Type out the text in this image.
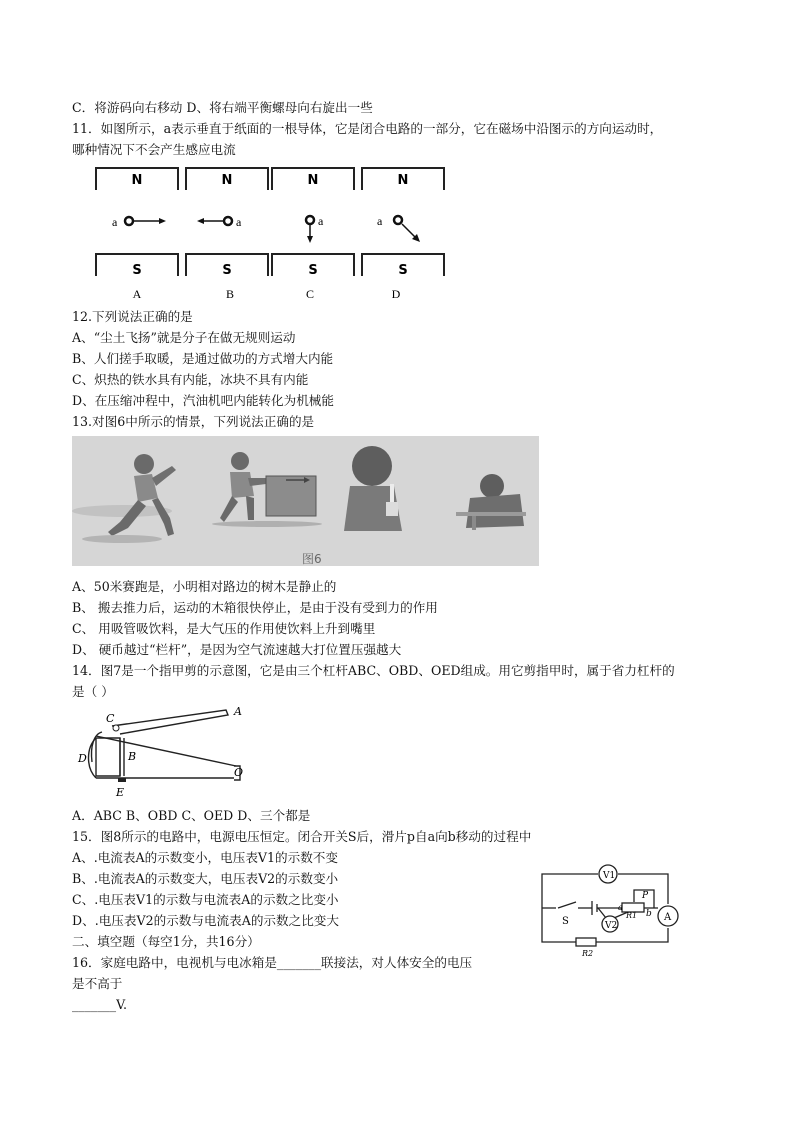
C．将游码向右移动 D、将右端平衡螺母向右旋出一些
11．如图所示，a表示垂直于纸面的一根导体，它是闭合电路的一部分，它在磁场中沿图示的方向运动时，
哪种情况下不会产生感应电流
N	N	N	N
S	S	S	S
a	a	a	a
A	B	C	D
12.下列说法正确的是
A、“尘土飞扬”就是分子在做无规则运动
B、人们搓手取暖，是通过做功的方式增大内能
C、炽热的铁水具有内能，冰块不具有内能
D、在压缩冲程中，汽油机吧内能转化为机械能
13.对图6中所示的情景，下列说法正确的是
图6
A、50米赛跑是，小明相对路边的树木是静止的
B、 搬去推力后，运动的木箱很快停止，是由于没有受到力的作用
C、 用吸管吸饮料，是大气压的作用使饮料上升到嘴里
D、 硬币越过“栏杆”，是因为空气流速越大打位置压强越大
14．图7是一个指甲剪的示意图，它是由三个杠杆ABC、OBD、OED组成。用它剪指甲时，属于省力杠杆的
是（ ）
C
A
B
D
E
O
A．ABC B、OBD C、OED D、三个都是
15．图8所示的电路中，电源电压恒定。闭合开关S后，滑片p自a向b移动的过程中
A、.电流表A的示数变小，电压表V1的示数不变
B、.电流表A的示数变大，电压表V2的示数变小
C、.电压表V1的示数与电流表A的示数之比变小
D、.电压表V2的示数与电流表A的示数之比变大
V1
V2
A
S
P
R1
R2
a
b
二、填空题（每空1分，共16分）
16．家庭电路中，电视机与电冰箱是_______联接法，对人体安全的电压
是不高于
_______V.
